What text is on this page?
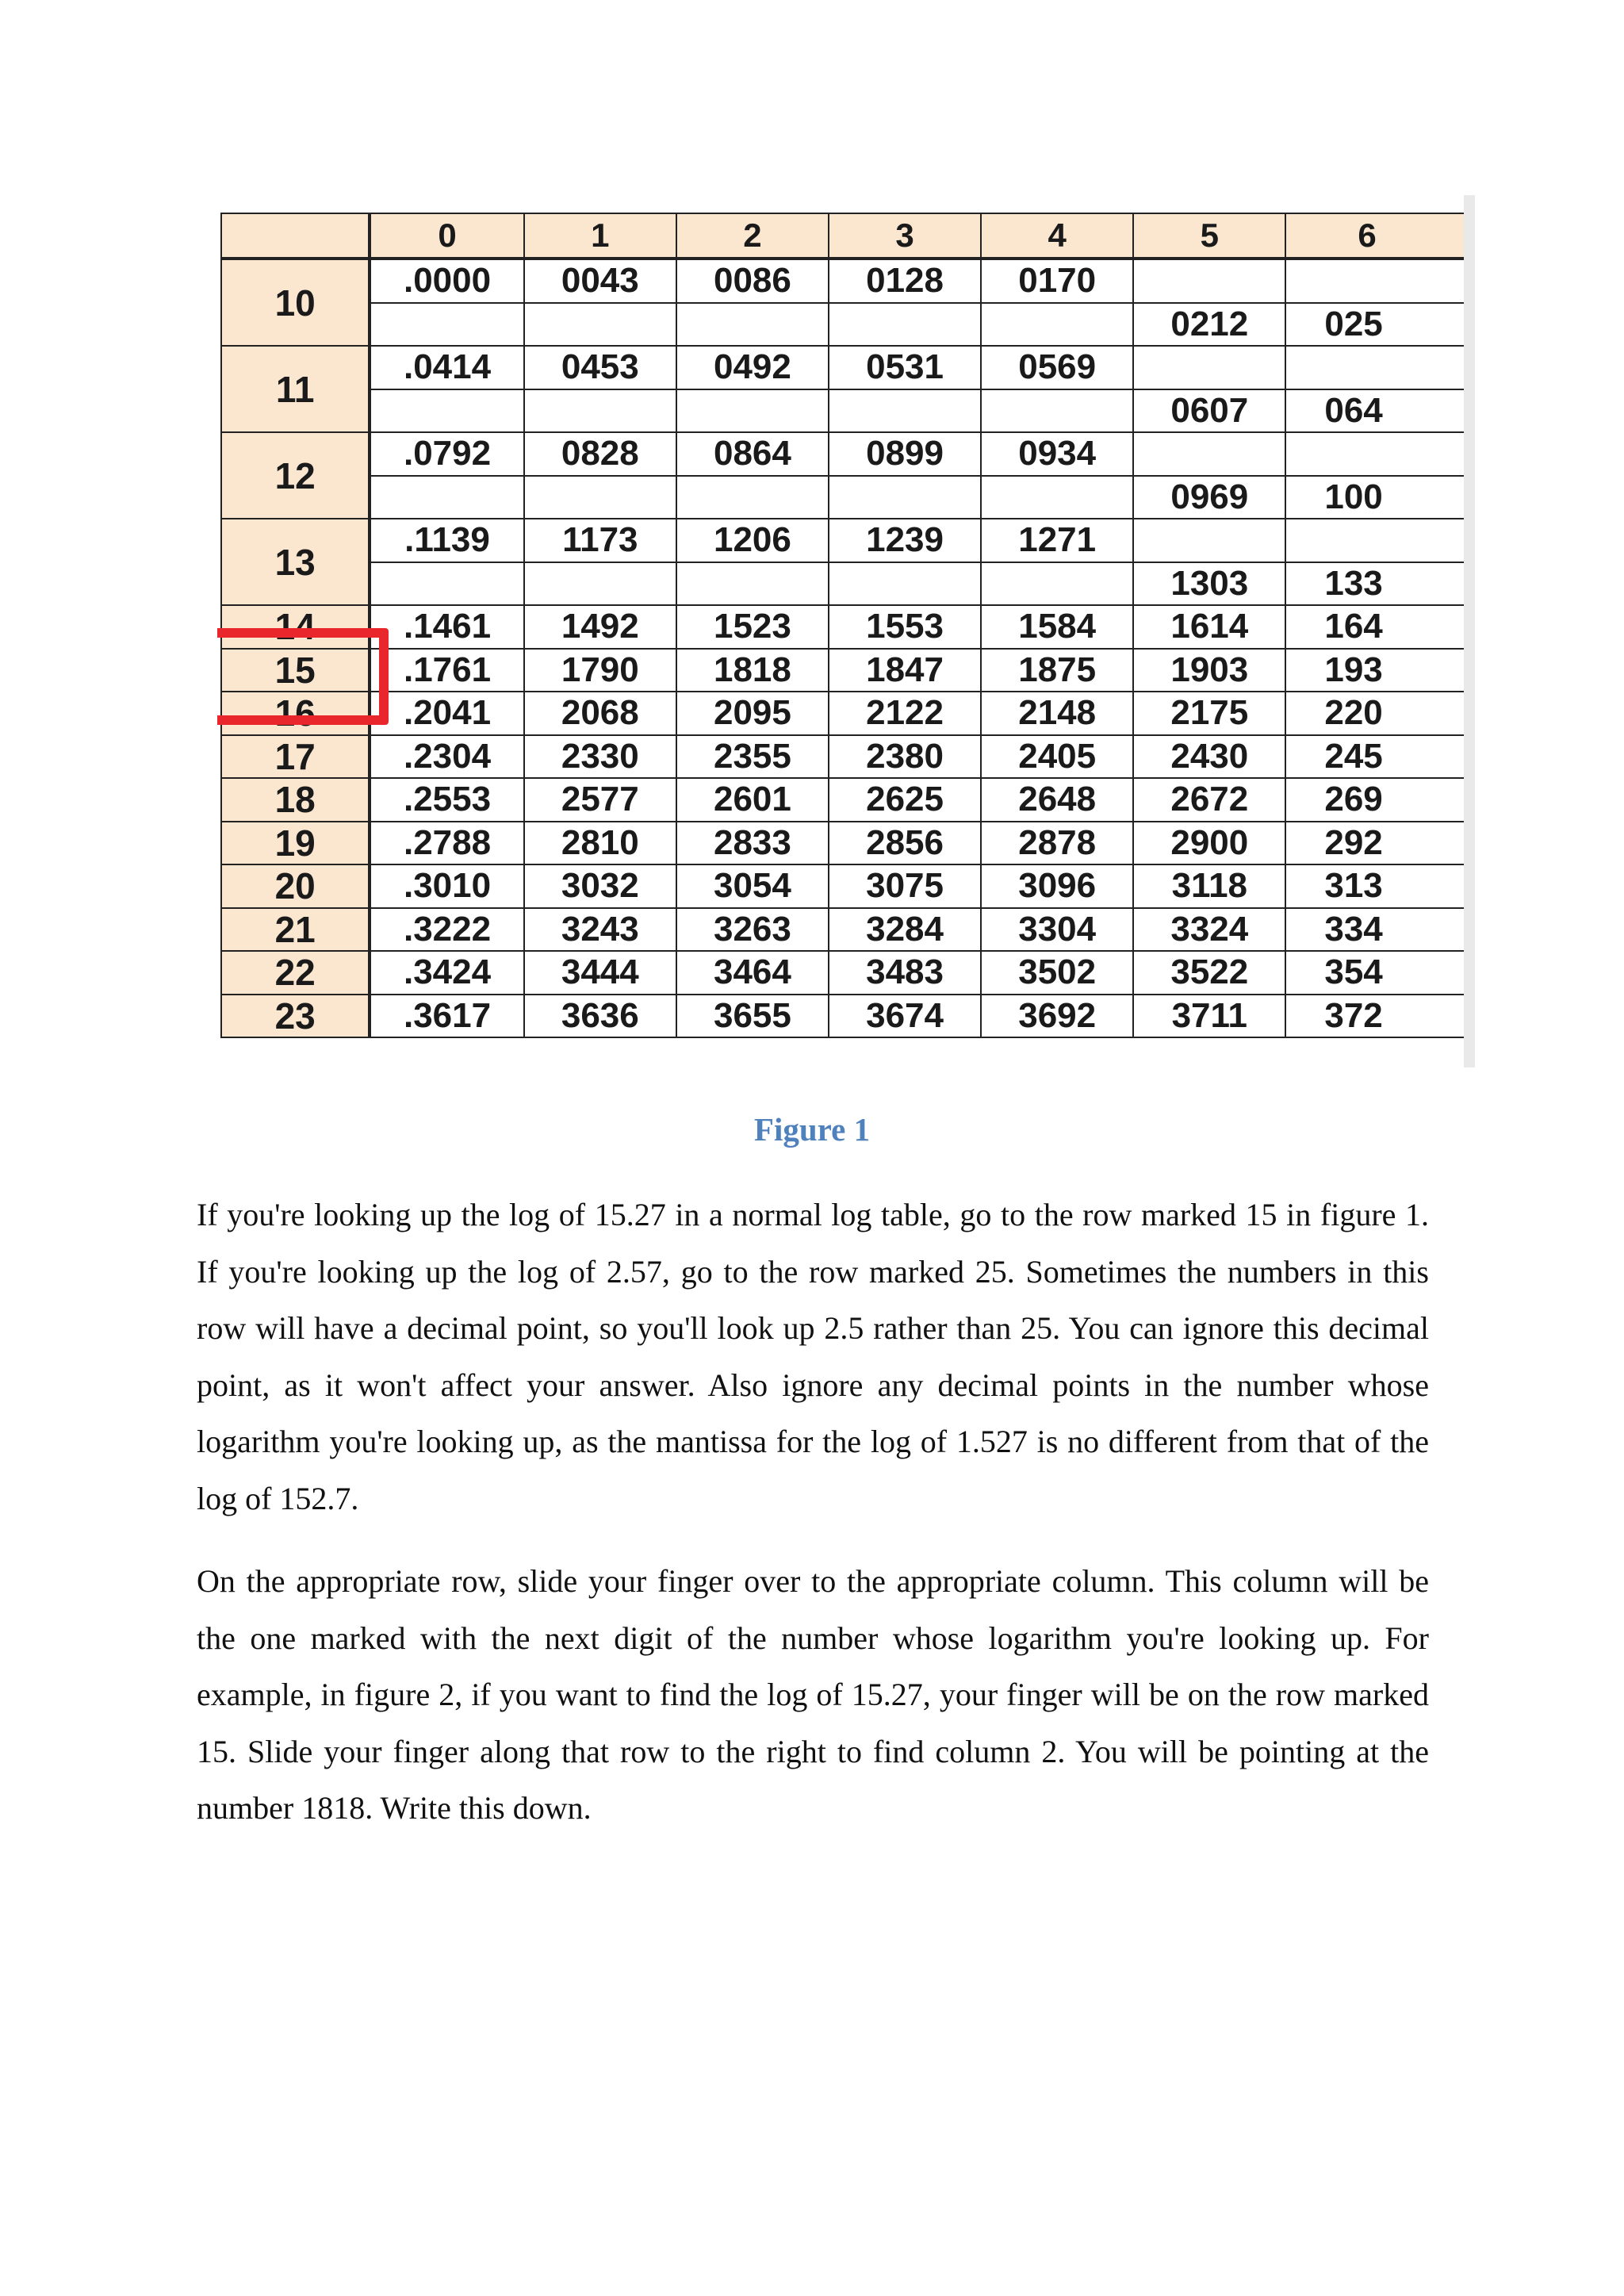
	0	1	2	3	4	5	6
10	.0000	0043	0086	0128	0170		
						0212	025
11	.0414	0453	0492	0531	0569		
						0607	064
12	.0792	0828	0864	0899	0934		
						0969	100
13	.1139	1173	1206	1239	1271		
						1303	133
14	.1461	1492	1523	1553	1584	1614	164
15	.1761	1790	1818	1847	1875	1903	193
16	.2041	2068	2095	2122	2148	2175	220
17	.2304	2330	2355	2380	2405	2430	245
18	.2553	2577	2601	2625	2648	2672	269
19	.2788	2810	2833	2856	2878	2900	292
20	.3010	3032	3054	3075	3096	3118	313
21	.3222	3243	3263	3284	3304	3324	334
22	.3424	3444	3464	3483	3502	3522	354
23	.3617	3636	3655	3674	3692	3711	372
Figure 1

If you're looking up the log of 15.27 in a normal log table, go to the row marked 15 in figure 1. If you're looking up the log of 2.57, go to the row marked 25. Sometimes the numbers in this row will have a decimal point, so you'll look up 2.5 rather than 25. You can ignore this decimal point, as it won't affect your answer. Also ignore any decimal points in the number whose logarithm you're looking up, as the mantissa for the log of 1.527 is no different from that of the log of 152.7.

On the appropriate row, slide your finger over to the appropriate column. This column will be the one marked with the next digit of the number whose logarithm you're looking up. For example, in figure 2, if you want to find the log of 15.27, your finger will be on the row marked 15. Slide your finger along that row to the right to find column 2. You will be pointing at the number 1818. Write this down.
